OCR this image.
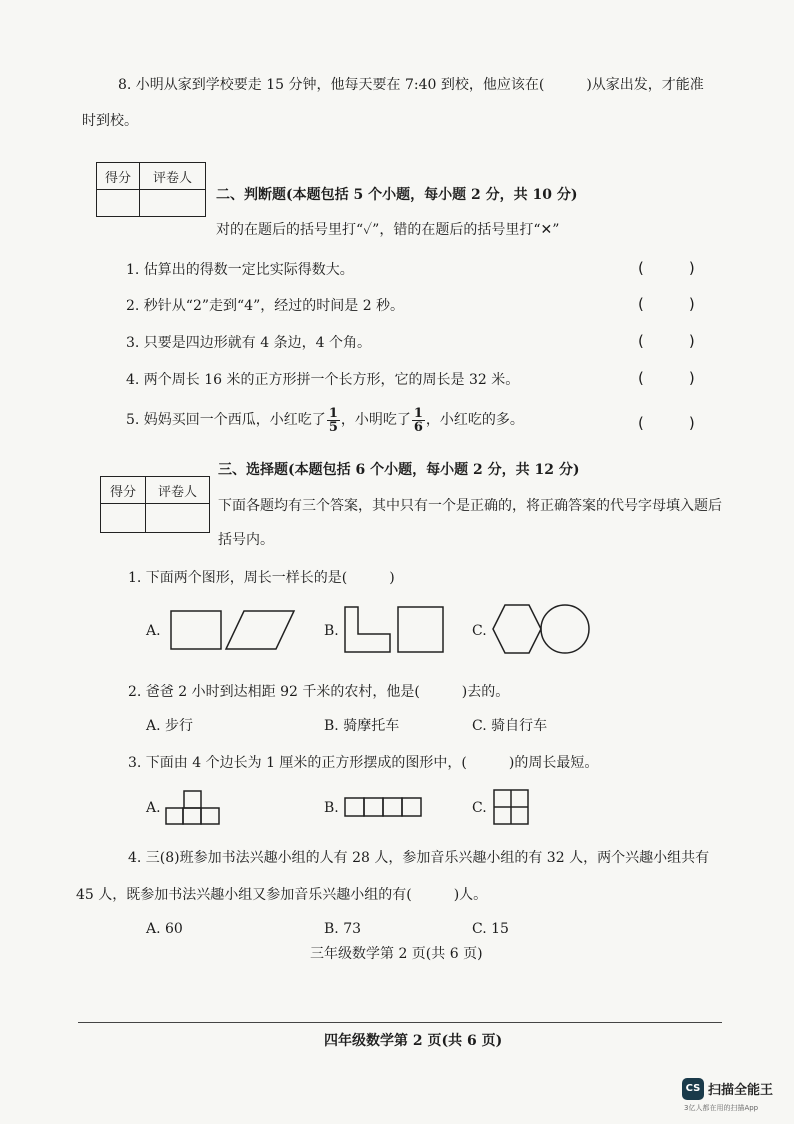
8. 小明从家到学校要走 15 分钟，他每天要在 7:40 到校，他应该在(　　　)从家出发，才能准
时到校。
得分	评卷人

二、判断题(本题包括 5 个小题，每小题 2 分，共 10 分)
对的在题后的括号里打“✓”，错的在题后的括号里打“✕”
1. 估算出的得数一定比实际得数大。	(　　　)
2. 秒针从“2”走到“4”，经过的时间是 2 秒。	(　　　)
3. 只要是四边形就有 4 条边，4 个角。	(　　　)
4. 两个周长 16 米的正方形拼一个长方形，它的周长是 32 米。	(　　　)
5. 妈妈买回一个西瓜，小红吃了 $\frac{1}{5}$ ，小明吃了 $\frac{1}{6}$ ，小红吃的多。	(　　　)
得分	评卷人

三、选择题(本题包括 6 个小题，每小题 2 分，共 12 分)
下面各题均有三个答案，其中只有一个是正确的，将正确答案的代号字母填入题后
括号内。
1. 下面两个图形，周长一样长的是(　　　)
A.	B.	C.
2. 爸爸 2 小时到达相距 92 千米的农村，他是(　　　)去的。
A. 步行	B. 骑摩托车	C. 骑自行车
3. 下面由 4 个边长为 1 厘米的正方形摆成的图形中，(　　　)的周长最短。
A.	B.	C.
4. 三(8)班参加书法兴趣小组的人有 28 人，参加音乐兴趣小组的有 32 人，两个兴趣小组共有
45 人，既参加书法兴趣小组又参加音乐兴趣小组的有(　　　)人。
A. 60	B. 73	C. 15
三年级数学第 2 页(共 6 页)
四年级数学第 2 页(共 6 页)
CS 扫描全能王
3亿人都在用的扫描App
